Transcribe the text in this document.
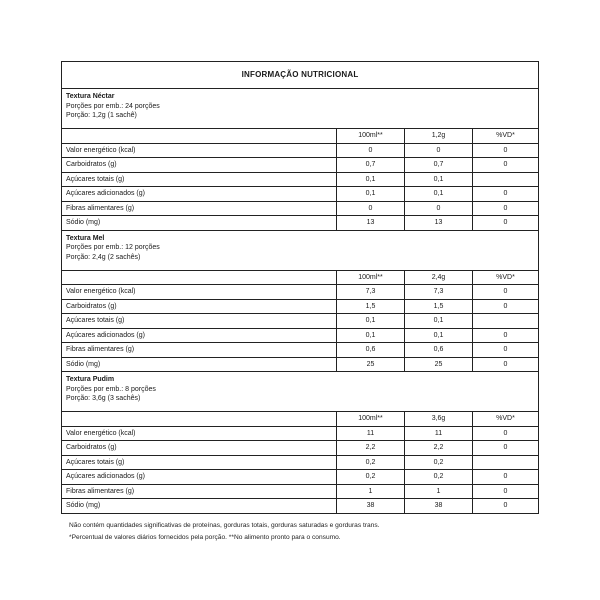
INFORMAÇÃO NUTRICIONAL
Textura Néctar
Porções por emb.: 24 porções
Porção: 1,2g (1 sachê)
100ml**	1,2g	%VD*
Valor energético (kcal)	0	0	0
Carboidratos (g)	0,7	0,7	0
Açúcares totais (g)	0,1	0,1
Açúcares adicionados (g)	0,1	0,1	0
Fibras alimentares (g)	0	0	0
Sódio (mg)	13	13	0
Textura Mel
Porções por emb.: 12 porções
Porção: 2,4g (2 sachês)
100ml**	2,4g	%VD*
Valor energético (kcal)	7,3	7,3	0
Carboidratos (g)	1,5	1,5	0
Açúcares totais (g)	0,1	0,1
Açúcares adicionados (g)	0,1	0,1	0
Fibras alimentares (g)	0,6	0,6	0
Sódio (mg)	25	25	0
Textura Pudim
Porções por emb.: 8 porções
Porção: 3,6g (3 sachês)
100ml**	3,6g	%VD*
Valor energético (kcal)	11	11	0
Carboidratos (g)	2,2	2,2	0
Açúcares totais (g)	0,2	0,2
Açúcares adicionados (g)	0,2	0,2	0
Fibras alimentares (g)	1	1	0
Sódio (mg)	38	38	0
Não contém quantidades significativas de proteínas, gorduras totais, gorduras saturadas e gorduras trans.
*Percentual de valores diários fornecidos pela porção. **No alimento pronto para o consumo.
